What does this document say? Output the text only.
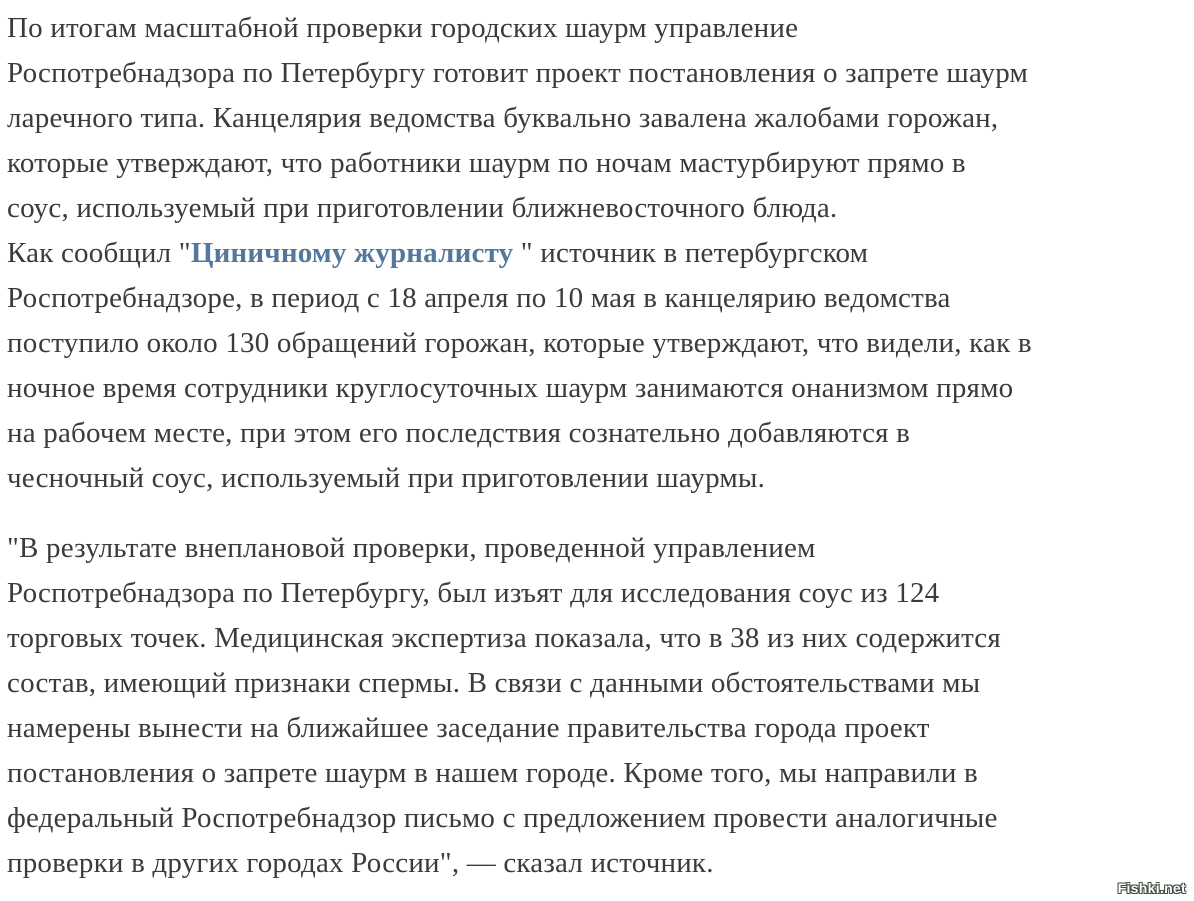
По итогам масштабной проверки городских шаурм управление
Роспотребнадзора по Петербургу готовит проект постановления о запрете шаурм
ларечного типа. Канцелярия ведомства буквально завалена жалобами горожан,
которые утверждают, что работники шаурм по ночам мастурбируют прямо в
соус, используемый при приготовлении ближневосточного блюда.
Как сообщил "Циничному журналисту " источник в петербургском
Роспотребнадзоре, в период с 18 апреля по 10 мая в канцелярию ведомства
поступило около 130 обращений горожан, которые утверждают, что видели, как в
ночное время сотрудники круглосуточных шаурм занимаются онанизмом прямо
на рабочем месте, при этом его последствия сознательно добавляются в
чесночный соус, используемый при приготовлении шаурмы.
"В результате внеплановой проверки, проведенной управлением
Роспотребнадзора по Петербургу, был изъят для исследования соус из 124
торговых точек. Медицинская экспертиза показала, что в 38 из них содержится
состав, имеющий признаки спермы. В связи с данными обстоятельствами мы
намерены вынести на ближайшее заседание правительства города проект
постановления о запрете шаурм в нашем городе. Кроме того, мы направили в
федеральный Роспотребнадзор письмо с предложением провести аналогичные
проверки в других городах России", — сказал источник.
Fishki.net
